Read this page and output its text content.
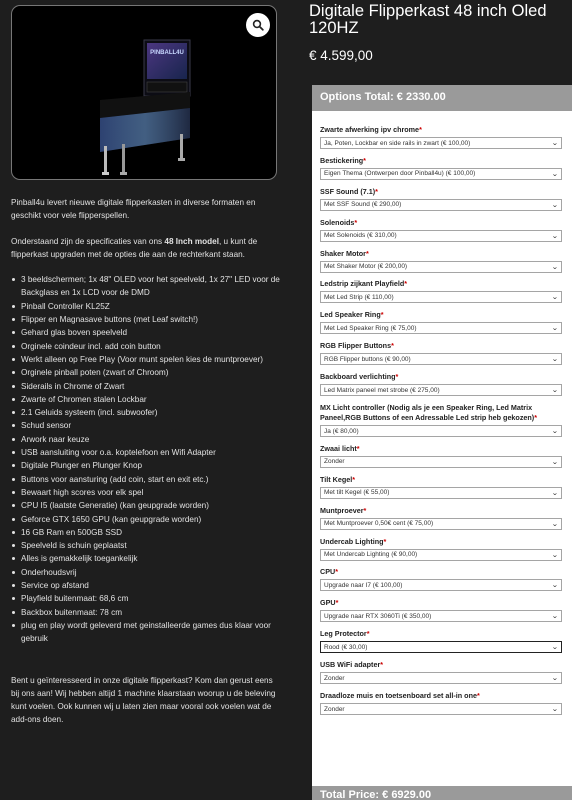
PINBALL4U

Pinball4u levert nieuwe digitale flipperkasten in diverse formaten en geschikt voor vele flipperspellen.

Onderstaand zijn de specificaties van ons 48 Inch model, u kunt de flipperkast upgraden met de opties die aan de rechterkant staan.

3 beeldschermen; 1x 48" OLED voor het speelveld, 1x 27" LED voor de Backglass en 1x LCD voor de DMD
Pinball Controller KL25Z
Flipper en Magnasave buttons (met Leaf switch!)
Gehard glas boven speelveld
Orginele coindeur incl. add coin button
Werkt alleen op Free Play (Voor munt spelen kies de muntproever)
Orginele pinball poten (zwart of Chroom)
Siderails in Chrome of Zwart
Zwarte of Chromen stalen Lockbar
2.1 Geluids systeem (incl. subwoofer)
Schud sensor
Arwork naar keuze
USB aansluiting voor o.a. koptelefoon en Wifi Adapter
Digitale Plunger en Plunger Knop
Buttons voor aansturing (add coin, start en exit etc.)
Bewaart high scores voor elk spel
CPU I5 (laatste Generatie) (kan geupgrade worden)
Geforce GTX 1650 GPU (kan geupgrade worden)
16 GB Ram en 500GB SSD
Speelveld is schuin geplaatst
Alles is gemakkelijk toegankelijk
Onderhoudsvrij
Service op afstand
Playfield buitenmaat: 68,6 cm
Backbox buitenmaat: 78 cm
plug en play wordt geleverd met geinstalleerde games dus klaar voor gebruik

Bent u geïnteresseerd in onze digitale flipperkast? Kom dan gerust eens bij ons aan! Wij hebben altijd 1 machine klaarstaan woorup u de beleving kunt voelen. Ook kunnen wij u laten zien maar vooral ook voelen wat de add-ons doen.

Digitale Flipperkast 48 inch Oled 120HZ
€ 4.599,00
Options Total: € 2330.00
Zwarte afwerking ipv chrome*
Ja, Poten, Lockbar en side rails in zwart (€ 100,00)	⌄
Bestickering*
Eigen Thema (Ontwerpen door Pinball4u) (€ 100,00)	⌄
SSF Sound (7.1)*
Met SSF Sound (€ 290,00)	⌄
Solenoids*
Met Solenoids (€ 310,00)	⌄
Shaker Motor*
Met Shaker Motor (€ 200,00)	⌄
Ledstrip zijkant Playfield*
Met Led Strip (€ 110,00)	⌄
Led Speaker Ring*
Met Led Speaker Ring (€ 75,00)	⌄
RGB Flipper Buttons*
RGB Flipper buttons (€ 90,00)	⌄
Backboard verlichting*
Led Matrix paneel met strobe (€ 275,00)	⌄
MX Licht controller (Nodig als je een Speaker Ring, Led Matrix Paneel,RGB Buttons of een Adressable Led strip heb gekozen)*
Ja (€ 80,00)	⌄
Zwaai licht*
Zonder	⌄
Tilt Kegel*
Met tilt Kegel (€ 55,00)	⌄
Muntproever*
Met Muntproever 0,50€ cent (€ 75,00)	⌄
Undercab Lighting*
Met Undercab Lighting (€ 90,00)	⌄
CPU*
Upgrade naar I7 (€ 100,00)	⌄
GPU*
Upgrade naar RTX 3060Ti (€ 350,00)	⌄
Leg Protector*
Rood (€ 30,00)	⌄
USB WiFi adapter*
Zonder	⌄
Draadloze muis en toetsenboard set all-in one*
Zonder	⌄
Total Price: € 6929.00
